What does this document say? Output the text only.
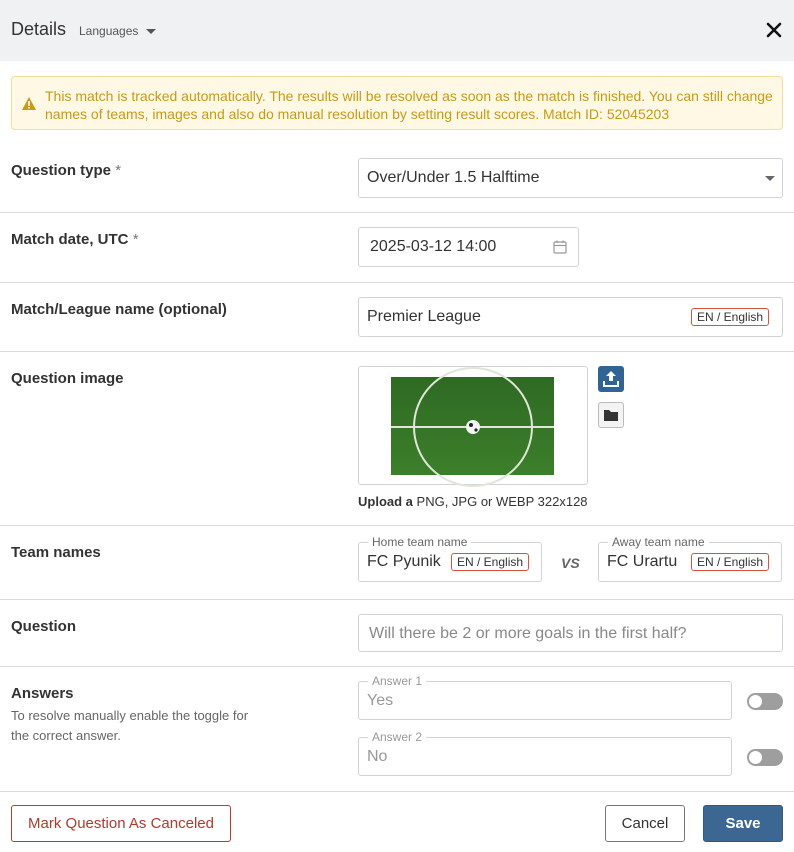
Details Languages
This match is tracked automatically. The results will be resolved as soon as the match is finished. You can still change names of teams, images and also do manual resolution by setting result scores. Match ID: 52045203
Question type *	Over/Under 1.5 Halftime
Match date, UTC *	2025-03-12 14:00
Match/League name (optional)	Premier League	EN / English
Question image
Upload a PNG, JPG or WEBP 322x128
Team names
Home team name
FC Pyunik	EN / English	VS
Away team name
FC Urartu	EN / English
Question	Will there be 2 or more goals in the first half?
Answers
To resolve manually enable the toggle for the correct answer.
Answer 1
Yes
Answer 2
No
Mark Question As Canceled	Cancel	Save
